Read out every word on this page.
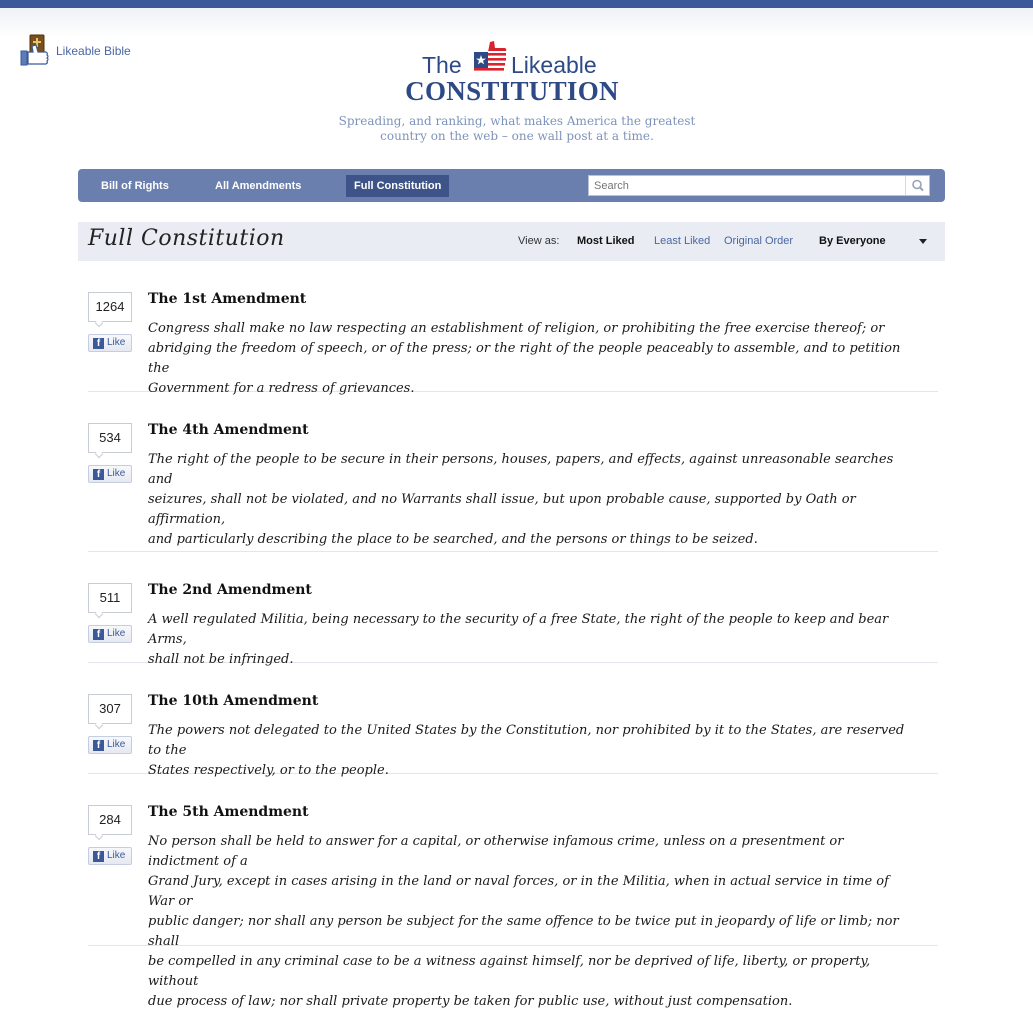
Likeable Bible
The Likeable
CONSTITUTION
Spreading, and ranking, what makes America the greatest
country on the web – one wall post at a time.
Bill of Rights	All Amendments	Full Constitution
Search
Full Constitution	View as: Most Liked Least Liked Original Order By Everyone
1264
f Like
The 1st Amendment
Congress shall make no law respecting an establishment of religion, or prohibiting the free exercise thereof; or
abridging the freedom of speech, or of the press; or the right of the people peaceably to assemble, and to petition the
Government for a redress of grievances.
534
f Like
The 4th Amendment
The right of the people to be secure in their persons, houses, papers, and effects, against unreasonable searches and
seizures, shall not be violated, and no Warrants shall issue, but upon probable cause, supported by Oath or affirmation,
and particularly describing the place to be searched, and the persons or things to be seized.
511
f Like
The 2nd Amendment
A well regulated Militia, being necessary to the security of a free State, the right of the people to keep and bear Arms,
shall not be infringed.
307
f Like
The 10th Amendment
The powers not delegated to the United States by the Constitution, nor prohibited by it to the States, are reserved to the
States respectively, or to the people.
284
f Like
The 5th Amendment
No person shall be held to answer for a capital, or otherwise infamous crime, unless on a presentment or indictment of a
Grand Jury, except in cases arising in the land or naval forces, or in the Militia, when in actual service in time of War or
public danger; nor shall any person be subject for the same offence to be twice put in jeopardy of life or limb; nor shall
be compelled in any criminal case to be a witness against himself, nor be deprived of life, liberty, or property, without
due process of law; nor shall private property be taken for public use, without just compensation.
